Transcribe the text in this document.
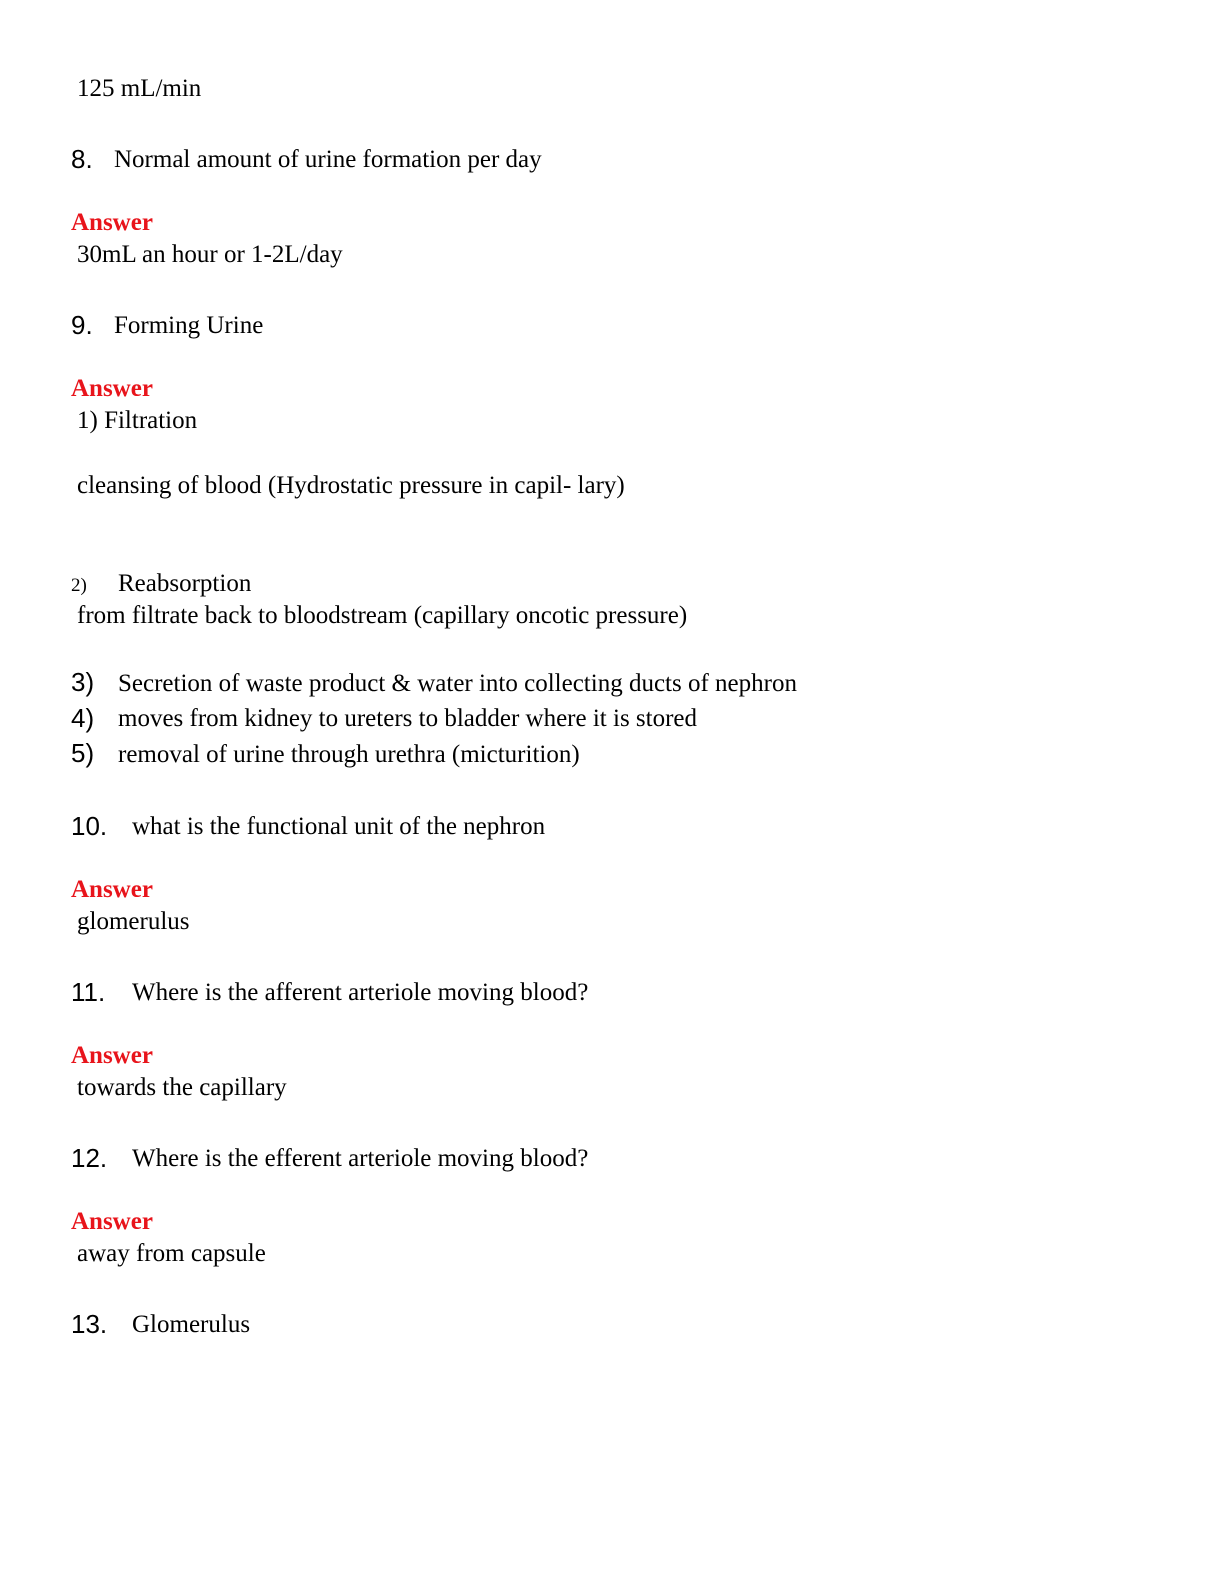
125 mL/min
8. Normal amount of urine formation per day
Answer
30mL an hour or 1-2L/day
9. Forming Urine
Answer
1) Filtration
cleansing of blood (Hydrostatic pressure in capil- lary)
2) Reabsorption
from filtrate back to bloodstream (capillary oncotic pressure)
3) Secretion of waste product & water into collecting ducts of nephron
4) moves from kidney to ureters to bladder where it is stored
5) removal of urine through urethra (micturition)
10. what is the functional unit of the nephron
Answer
glomerulus
11. Where is the afferent arteriole moving blood?
Answer
towards the capillary
12. Where is the efferent arteriole moving blood?
Answer
away from capsule
13. Glomerulus
